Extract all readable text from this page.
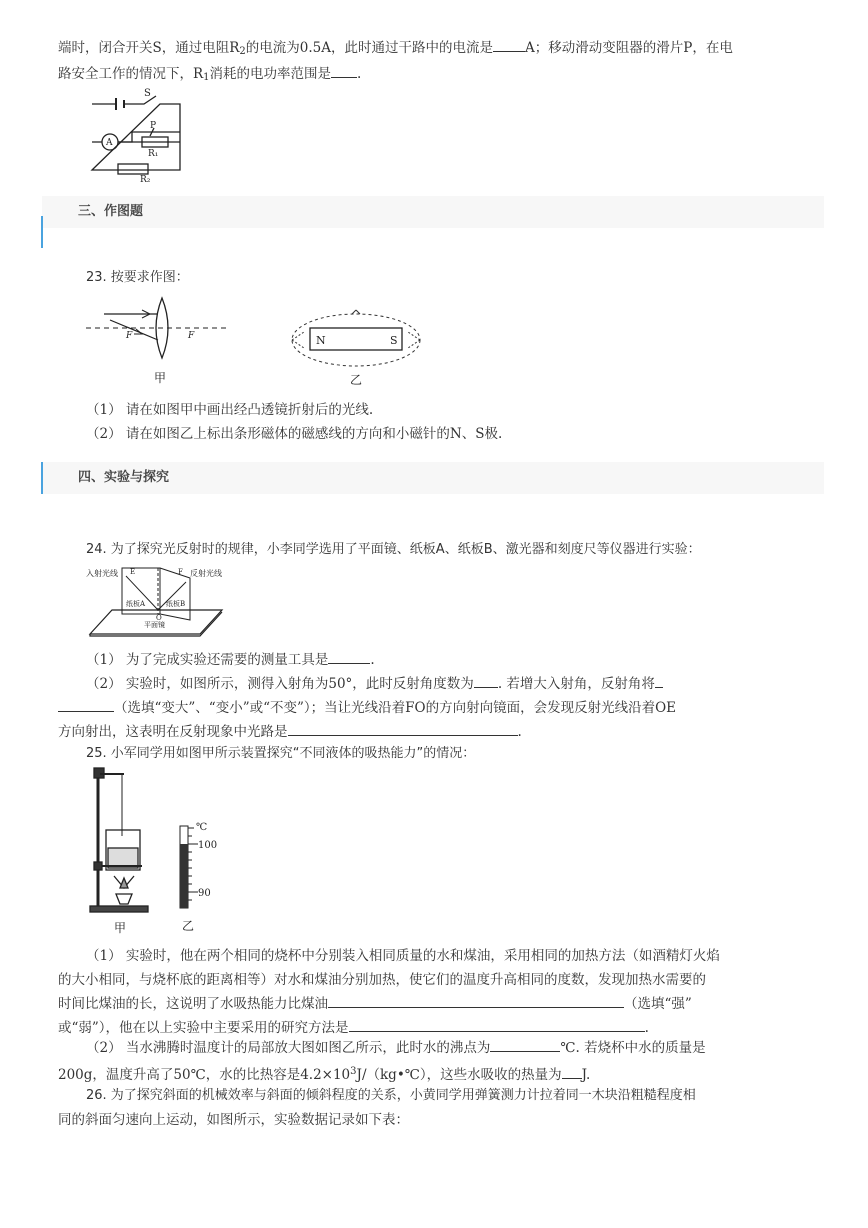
端时，闭合开关S，通过电阻$R_2$的电流为0.5A，此时通过干路中的电流是 A；移动滑动变阻器的滑片P，在电
路安全工作的情况下，$R_1$消耗的电功率范围是 .
S
P
A
R₁
R₂
三、作图题
23. 按要求作图：
F	F
甲
N	S
乙
（1） 请在如图甲中画出经凸透镜折射后的光线.
（2） 请在如图乙上标出条形磁体的磁感线的方向和小磁针的N、S极.
四、实验与探究
24. 为了探究光反射时的规律，小李同学选用了平面镜、纸板A、纸板B、激光器和刻度尺等仪器进行实验：
入射光线	反射光线
纸板A	纸板B
平面镜
E
O
F
（1） 为了完成实验还需要的测量工具是	.
（2） 实验时，如图所示，测得入射角为50°，此时反射角度数为 . 若增大入射角，反射角将
（选填“变大”、“变小”或“不变”）；当让光线沿着FO的方向射向镜面，会发现反射光线沿着OE
方向射出，这表明在反射现象中光路是	.
25. 小军同学用如图甲所示装置探究“不同液体的吸热能力”的情况：
甲
℃
100
90
乙
（1） 实验时，他在两个相同的烧杯中分别装入相同质量的水和煤油，采用相同的加热方法（如酒精灯火焰
的大小相同，与烧杯底的距离相等）对水和煤油分别加热，使它们的温度升高相同的度数，发现加热水需要的
时间比煤油的长，这说明了水吸热能力比煤油	（选填“强”
或“弱”），他在以上实验中主要采用的研究方法是	.
（2） 当水沸腾时温度计的局部放大图如图乙所示，此时水的沸点为	℃. 若烧杯中水的质量是
200g，温度升高了50℃，水的比热容是$4.2\times 10^3J/(kg•℃)$，这些水吸收的热量为 J.
26. 为了探究斜面的机械效率与斜面的倾斜程度的关系，小黄同学用弹簧测力计拉着同一木块沿粗糙程度相
同的斜面匀速向上运动，如图所示，实验数据记录如下表：
